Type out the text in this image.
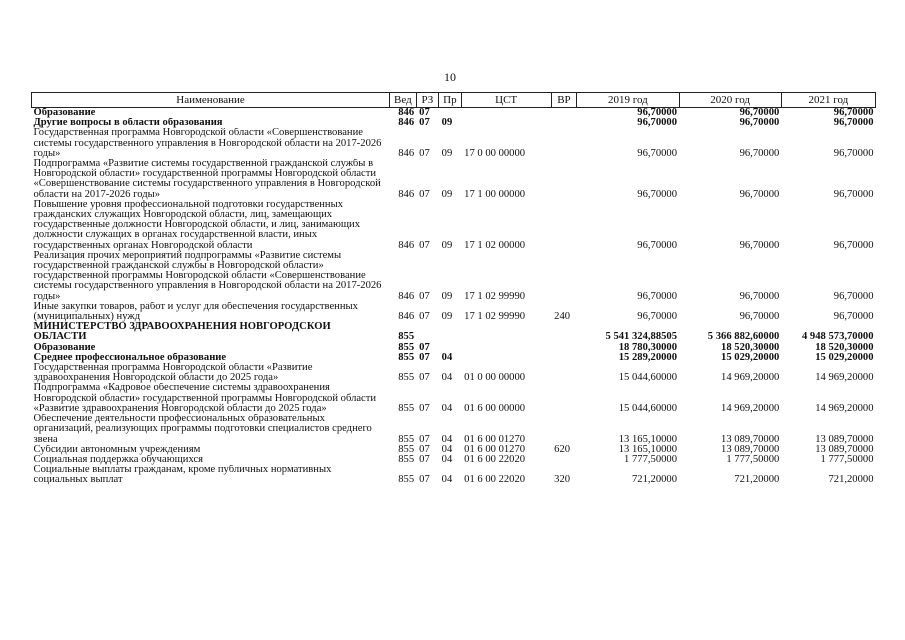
10
Наименование	Вед	РЗ	Пр	ЦСТ	ВР	2019 год	2020 год	2021 год
Образование	846	07				96,70000	96,70000	96,70000
Другие вопросы в области образования	846	07	09			96,70000	96,70000	96,70000
Государственная программа Новгородской области «Совершенствование системы государственного управления в Новгородской области на 2017-2026 годы»	846	07	09	17 0 00 00000		96,70000	96,70000	96,70000
Подпрограмма «Развитие системы государственной гражданской службы в Новгородской области» государственной программы Новгородской области «Совершенствование системы государственного управления в Новгородской области на 2017-2026 годы»	846	07	09	17 1 00 00000		96,70000	96,70000	96,70000
Повышение уровня профессиональной подготовки государственных гражданских служащих Новгородской области, лиц, замещающих государственные должности Новгородской области, и лиц, занимающих должности служащих в органах государственной власти, иных государственных органах Новгородской области	846	07	09	17 1 02 00000		96,70000	96,70000	96,70000
Реализация прочих мероприятий подпрограммы «Развитие системы государственной гражданской службы в Новгородской области» государственной программы Новгородской области «Совершенствование системы государственного управления в Новгородской области на 2017-2026 годы»	846	07	09	17 1 02 99990		96,70000	96,70000	96,70000
Иные закупки товаров, работ и услуг для обеспечения государственных (муниципальных) нужд	846	07	09	17 1 02 99990	240	96,70000	96,70000	96,70000
МИНИСТЕРСТВО ЗДРАВООХРАНЕНИЯ НОВГОРОДСКОЙ ОБЛАСТИ	855					5 541 324,88505	5 366 882,60000	4 948 573,70000
Образование	855	07				18 780,30000	18 520,30000	18 520,30000
Среднее профессиональное образование	855	07	04			15 289,20000	15 029,20000	15 029,20000
Государственная программа Новгородской области «Развитие здравоохранения Новгородской области до 2025 года»	855	07	04	01 0 00 00000		15 044,60000	14 969,20000	14 969,20000
Подпрограмма «Кадровое обеспечение системы здравоохранения Новгородской области» государственной программы Новгородской области «Развитие здравоохранения Новгородской области до 2025 года»	855	07	04	01 6 00 00000		15 044,60000	14 969,20000	14 969,20000
Обеспечение деятельности профессиональных образовательных организаций, реализующих программы подготовки специалистов среднего звена	855	07	04	01 6 00 01270		13 165,10000	13 089,70000	13 089,70000
Субсидии автономным учреждениям	855	07	04	01 6 00 01270	620	13 165,10000	13 089,70000	13 089,70000
Социальная поддержка обучающихся	855	07	04	01 6 00 22020		1 777,50000	1 777,50000	1 777,50000
Социальные выплаты гражданам, кроме публичных нормативных социальных выплат	855	07	04	01 6 00 22020	320	721,20000	721,20000	721,20000
